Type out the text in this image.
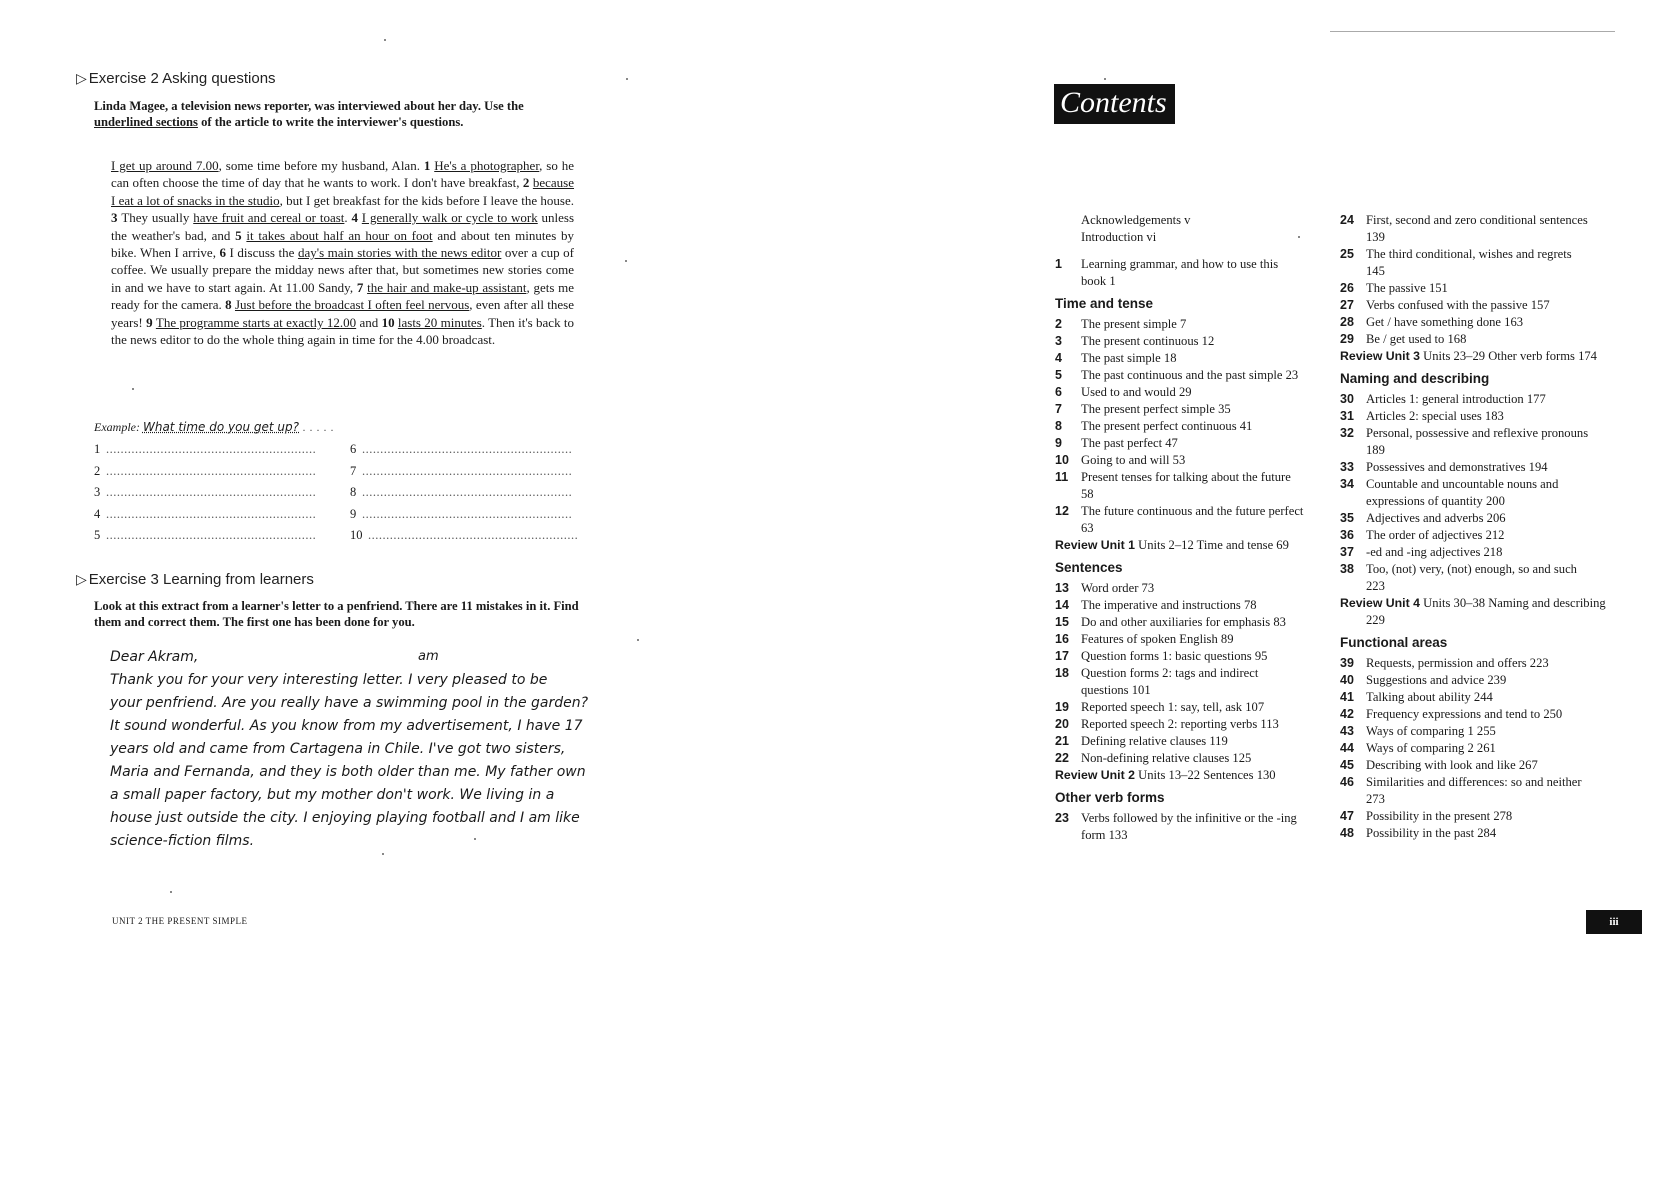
▷ Exercise 2 Asking questions
Linda Magee, a television news reporter, was interviewed about her day. Use the underlined sections of the article to write the interviewer's questions.
I get up around 7.00, some time before my husband, Alan. 1 He's a photographer, so he can often choose the time of day that he wants to work. I don't have breakfast, 2 because I eat a lot of snacks in the studio, but I get breakfast for the kids before I leave the house. 3 They usually have fruit and cereal or toast. 4 I generally walk or cycle to work unless the weather's bad, and 5 it takes about half an hour on foot and about ten minutes by bike. When I arrive, 6 I discuss the day's main stories with the news editor over a cup of coffee. We usually prepare the midday news after that, but sometimes new stories come in and we have to start again. At 11.00 Sandy, 7 the hair and make-up assistant, gets me ready for the camera. 8 Just before the broadcast I often feel nervous, even after all these years! 9 The programme starts at exactly 12.00 and 10 lasts 20 minutes. Then it's back to the news editor to do the whole thing again in time for the 4.00 broadcast.
Example: What time do you get up? . . . . .
1 ..........................................................
2 ..........................................................
3 ..........................................................
4 ..........................................................
5 ..........................................................
6 ..........................................................
7 ..........................................................
8 ..........................................................
9 ..........................................................
10 ..........................................................
▷ Exercise 3 Learning from learners
Look at this extract from a learner's letter to a penfriend. There are 11 mistakes in it. Find them and correct them. The first one has been done for you.
am
Dear Akram,
Thank you for your very interesting letter. I very pleased to be
your penfriend. Are you really have a swimming pool in the garden?
It sound wonderful. As you know from my advertisement, I have 17
years old and came from Cartagena in Chile. I've got two sisters,
Maria and Fernanda, and they is both older than me. My father own
a small paper factory, but my mother don't work. We living in a
house just outside the city. I enjoying playing football and I am like
science-fiction films.
UNIT 2 THE PRESENT SIMPLE
Contents
Acknowledgements v
Introduction vi
1	Learning grammar, and how to use this book 1
Time and tense
2	The present simple 7
3	The present continuous 12
4	The past simple 18
5	The past continuous and the past simple 23
6	Used to and would 29
7	The present perfect simple 35
8	The present perfect continuous 41
9	The past perfect 47
10 Going to and will 53
11	Present tenses for talking about the future 58
12 The future continuous and the future perfect 63
Review Unit 1 Units 2–12 Time and tense 69
Sentences
13 Word order 73
14 The imperative and instructions 78
15 Do and other auxiliaries for emphasis 83
16 Features of spoken English 89
17 Question forms 1: basic questions 95
18 Question forms 2: tags and indirect questions 101
19 Reported speech 1: say, tell, ask 107
20 Reported speech 2: reporting verbs 113
21 Defining relative clauses 119
22 Non-defining relative clauses 125
Review Unit 2 Units 13–22 Sentences 130
Other verb forms
23 Verbs followed by the infinitive or the -ing form 133
24 First, second and zero conditional sentences 139
25 The third conditional, wishes and regrets 145
26 The passive 151
27 Verbs confused with the passive 157
28 Get / have something done 163
29 Be / get used to 168
Review Unit 3 Units 23–29 Other verb forms 174
Naming and describing
30 Articles 1: general introduction 177
31 Articles 2: special uses 183
32 Personal, possessive and reflexive pronouns 189
33 Possessives and demonstratives 194
34 Countable and uncountable nouns and expressions of quantity 200
35 Adjectives and adverbs 206
36 The order of adjectives 212
37 -ed and -ing adjectives 218
38 Too, (not) very, (not) enough, so and such 223
Review Unit 4 Units 30–38 Naming and describing 229
Functional areas
39 Requests, permission and offers 223
40 Suggestions and advice 239
41 Talking about ability 244
42 Frequency expressions and tend to 250
43 Ways of comparing 1 255
44 Ways of comparing 2 261
45 Describing with look and like 267
46 Similarities and differences: so and neither 273
47 Possibility in the present 278
48 Possibility in the past 284
iii
